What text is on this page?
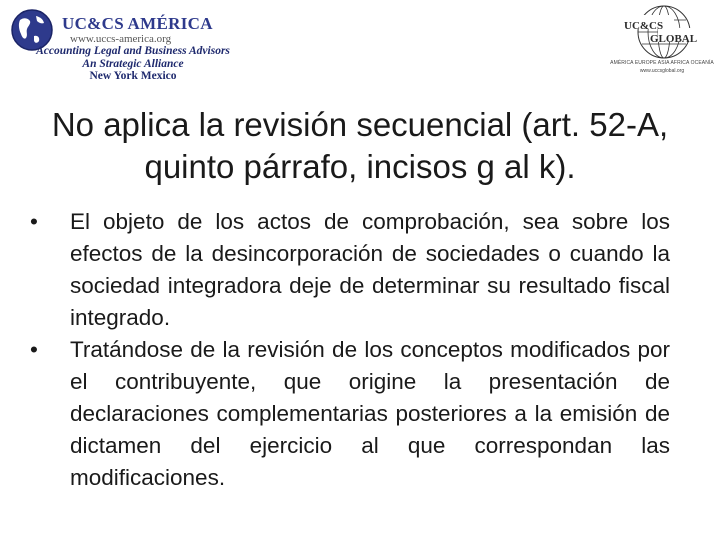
UC&CS AMÉRICA
www.uccs-america.org
Accounting Legal and Business Advisors
An Strategic Alliance
New York Mexico
UC&CS
GLOBAL
AMÉRICA EUROPE ASIA AFRICA OCEANÍA
www.uccsglobal.org
No aplica la revisión secuencial (art. 52-A, quinto párrafo, incisos g al k).
•	El objeto de los actos de comprobación, sea sobre los efectos de la desincorporación de sociedades o cuando la sociedad integradora deje de determinar su resultado fiscal integrado.
•	Tratándose de la revisión de los conceptos modificados por el contribuyente, que origine la presentación de declaraciones complementarias posteriores a la emisión de dictamen del ejercicio al que correspondan las modificaciones.
